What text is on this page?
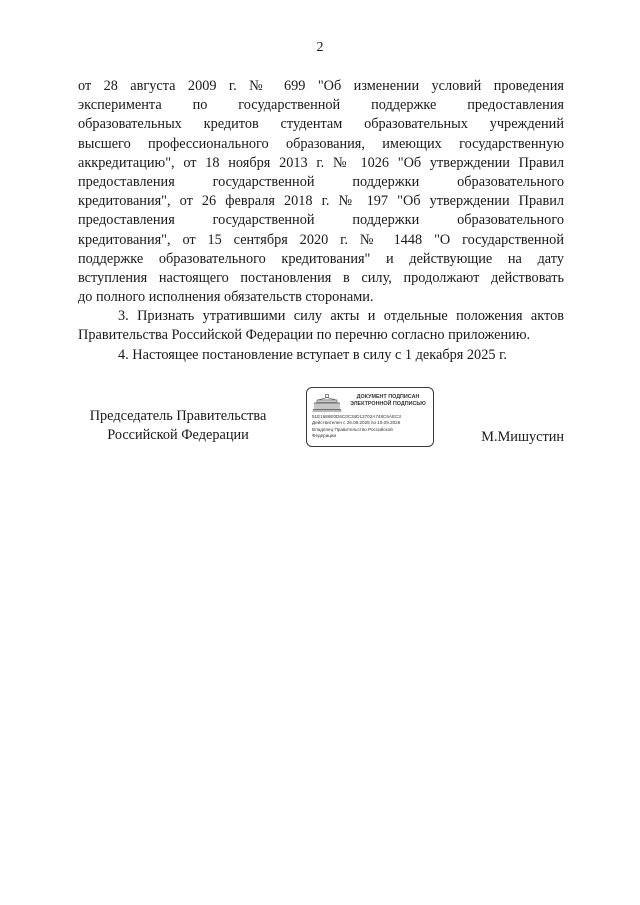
2
от 28 августа 2009 г. № 699 "Об изменении условий проведения
эксперимента по государственной поддержке предоставления
образовательных кредитов студентам образовательных учреждений
высшего профессионального образования, имеющих государственную
аккредитацию", от 18 ноября 2013 г. № 1026 "Об утверждении Правил
предоставления государственной поддержки образовательного
кредитования", от 26 февраля 2018 г. № 197 "Об утверждении Правил
предоставления государственной поддержки образовательного
кредитования", от 15 сентября 2020 г. № 1448 "О государственной
поддержке образовательного кредитования" и действующие на дату
вступления настоящего постановления в силу, продолжают действовать
до полного исполнения обязательств сторонами.
3. Признать утратившими силу акты и отдельные положения актов
Правительства Российской Федерации по перечню согласно приложению.
4. Настоящее постановление вступает в силу с 1 декабря 2025 г.
Председатель Правительства
Российской Федерации	М.Мишустин
ДОКУМЕНТ ПОДПИСАН
ЭЛЕКТРОННОЙ ПОДПИСЬЮ
51E1686E0D6C0C34D13702A748C6AEC3
Действителен с 26.06.2025 по 19.09.2026
Владелец Правительство Российской
Федерации
